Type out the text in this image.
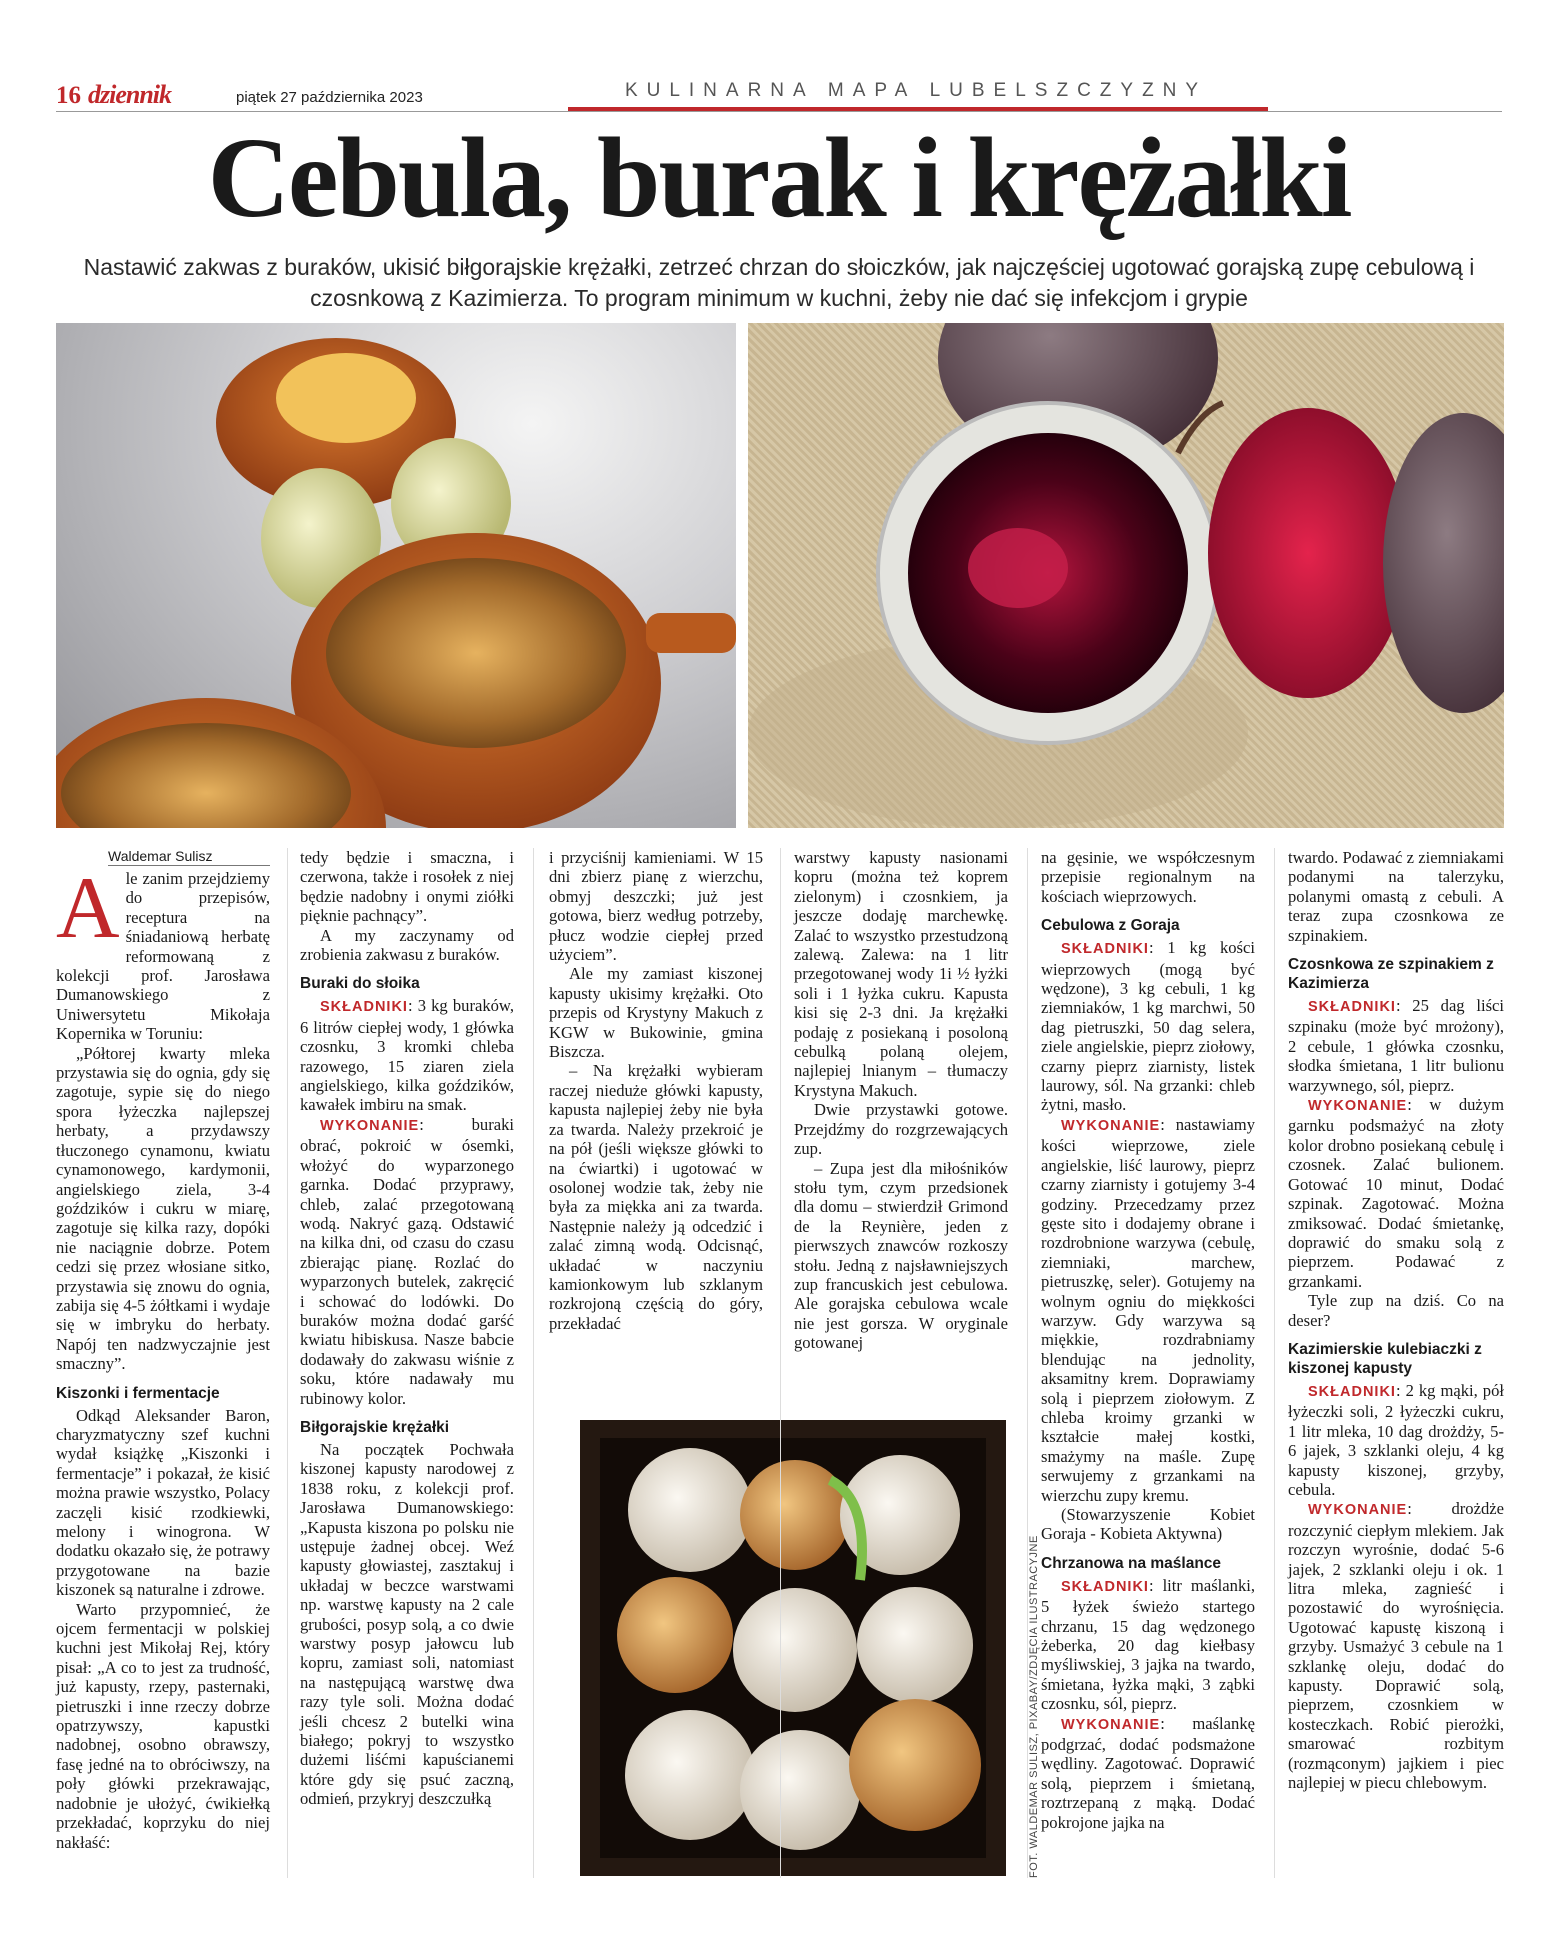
16 dziennik	piątek 27 października 2023	KULINARNA MAPA LUBELSZCZYZNY
Cebula, burak i krężałki

Nastawić zakwas z buraków, ukisić biłgorajskie krężałki, zetrzeć chrzan do słoiczków, jak najczęściej ugotować gorajską zupę cebulową i czosnkową z Kazimierza. To program minimum w kuchni, żeby nie dać się infekcjom i grypie

FOT. WALDEMAR SULISZ, PIXABAY/ZDJĘCIA ILUSTRACYJNE
Waldemar Sulisz

Ale zanim przejdziemy do przepisów, receptura na śniadaniową herbatę reformowaną z kolekcji prof. Jarosława Dumanowskiego z Uniwersytetu Mikołaja Kopernika w Toruniu:

„Półtorej kwarty mleka przystawia się do ognia, gdy się zagotuje, sypie się do niego spora łyżeczka najlepszej herbaty, a przydawszy tłuczonego cynamonu, kwiatu cynamonowego, kardymonii, angielskiego ziela, 3-4 goździków i cukru w miarę, zagotuje się kilka razy, dopóki nie naciągnie dobrze. Potem cedzi się przez włosiane sitko, przystawia się znowu do ognia, zabija się 4-5 żółtkami i wydaje się w imbryku do herbaty. Napój ten nadzwyczajnie jest smaczny”.

Kiszonki i fermentacje

Odkąd Aleksander Baron, charyzmatyczny szef kuchni wydał książkę „Kiszonki i fermentacje” i pokazał, że kisić można prawie wszystko, Polacy zaczęli kisić rzodkiewki, melony i winogrona. W dodatku okazało się, że potrawy przygotowane na bazie kiszonek są naturalne i zdrowe.

Warto przypomnieć, że ojcem fermentacji w polskiej kuchni jest Mikołaj Rej, który pisał: „A co to jest za trudność, już kapusty, rzepy, pasternaki, pietruszki i inne rzeczy dobrze opatrzywszy, kapustki nadobnej, osobno obrawszy, fasę jedné na to obróciwszy, na poły główki przekrawając, nadobnie je ułożyć, ćwikiełką przekładać, koprzyku do niej nakłaść:

tedy będzie i smaczna, i czerwona, także i rosołek z niej będzie nadobny i onymi ziółki pięknie pachnący”.

A my zaczynamy od zrobienia zakwasu z buraków.

Buraki do słoika

SKŁADNIKI: 3 kg buraków, 6 litrów ciepłej wody, 1 główka czosnku, 3 kromki chleba razowego, 15 ziaren ziela angielskiego, kilka goździków, kawałek imbiru na smak.

WYKONANIE: buraki obrać, pokroić w ósemki, włożyć do wyparzonego garnka. Dodać przyprawy, chleb, zalać przegotowaną wodą. Nakryć gazą. Odstawić na kilka dni, od czasu do czasu zbierając pianę. Rozlać do wyparzonych butelek, zakręcić i schować do lodówki. Do buraków można dodać garść kwiatu hibiskusa. Nasze babcie dodawały do zakwasu wiśnie z soku, które nadawały mu rubinowy kolor.

Biłgorajskie krężałki

Na początek Pochwała kiszonej kapusty narodowej z 1838 roku, z kolekcji prof. Jarosława Dumanowskiego: „Kapusta kiszona po polsku nie ustępuje żadnej obcej. Weź kapusty głowiastej, zasztakuj i układaj w beczce warstwami np. warstwę kapusty na 2 cale grubości, posyp solą, a co dwie warstwy posyp jałowcu lub kopru, zamiast soli, natomiast na następującą warstwę dwa razy tyle soli. Można dodać jeśli chcesz 2 butelki wina białego; pokryj to wszystko dużemi liśćmi kapuścianemi które gdy się psuć zaczną, odmień, przykryj deszczułką

i przyciśnij kamieniami. W 15 dni zbierz pianę z wierzchu, obmyj deszczki; już jest gotowa, bierz według potrzeby, płucz wodzie ciepłej przed użyciem”.

Ale my zamiast kiszonej kapusty ukisimy krężałki. Oto przepis od Krystyny Makuch z KGW w Bukowinie, gmina Biszcza.

– Na krężałki wybieram raczej nieduże główki kapusty, kapusta najlepiej żeby nie była za twarda. Należy przekroić je na pół (jeśli większe główki to na ćwiartki) i ugotować w osolonej wodzie tak, żeby nie była za miękka ani za twarda. Następnie należy ją odcedzić i zalać zimną wodą. Odcisnąć, układać w naczyniu kamionkowym lub szklanym rozkrojoną częścią do góry, przekładać

warstwy kapusty nasionami kopru (można też koprem zielonym) i czosnkiem, ja jeszcze dodaję marchewkę. Zalać to wszystko przestudzoną zalewą. Zalewa: na 1 litr przegotowanej wody 1i ½ łyżki soli i 1 łyżka cukru. Kapusta kisi się 2-3 dni. Ja krężałki podaję z posiekaną i posoloną cebulką polaną olejem, najlepiej lnianym – tłumaczy Krystyna Makuch.

Dwie przystawki gotowe. Przejdźmy do rozgrzewających zup.

– Zupa jest dla miłośników stołu tym, czym przedsionek dla domu – stwierdził Grimond de la Reynière, jeden z pierwszych znawców rozkoszy stołu. Jedną z najsławniejszych zup francuskich jest cebulowa. Ale gorajska cebulowa wcale nie jest gorsza. W oryginale gotowanej

na gęsinie, we współczesnym przepisie regionalnym na kościach wieprzowych.

Cebulowa z Goraja

SKŁADNIKI: 1 kg kości wieprzowych (mogą być wędzone), 3 kg cebuli, 1 kg ziemniaków, 1 kg marchwi, 50 dag pietruszki, 50 dag selera, ziele angielskie, pieprz ziołowy, czarny pieprz ziarnisty, listek laurowy, sól. Na grzanki: chleb żytni, masło.

WYKONANIE: nastawiamy kości wieprzowe, ziele angielskie, liść laurowy, pieprz czarny ziarnisty i gotujemy 3-4 godziny. Przecedzamy przez gęste sito i dodajemy obrane i rozdrobnione warzywa (cebulę, ziemniaki, marchew, pietruszkę, seler). Gotujemy na wolnym ogniu do miękkości warzyw. Gdy warzywa są miękkie, rozdrabniamy blendując na jednolity, aksamitny krem. Doprawiamy solą i pieprzem ziołowym. Z chleba kroimy grzanki w kształcie małej kostki, smażymy na maśle. Zupę serwujemy z grzankami na wierzchu zupy kremu.

(Stowarzyszenie Kobiet Goraja - Kobieta Aktywna)

Chrzanowa na maślance

SKŁADNIKI: litr maślanki, 5 łyżek świeżo startego chrzanu, 15 dag wędzonego żeberka, 20 dag kiełbasy myśliwskiej, 3 jajka na twardo, śmietana, łyżka mąki, 3 ząbki czosnku, sól, pieprz.

WYKONANIE: maślankę podgrzać, dodać podsmażone wędliny. Zagotować. Doprawić solą, pieprzem i śmietaną, roztrzepaną z mąką. Dodać pokrojone jajka na

twardo. Podawać z ziemniakami podanymi na talerzyku, polanymi omastą z cebuli. A teraz zupa czosnkowa ze szpinakiem.

Czosnkowa ze szpinakiem z Kazimierza

SKŁADNIKI: 25 dag liści szpinaku (może być mrożony), 2 cebule, 1 główka czosnku, słodka śmietana, 1 litr bulionu warzywnego, sól, pieprz.

WYKONANIE: w dużym garnku podsmażyć na złoty kolor drobno posiekaną cebulę i czosnek. Zalać bulionem. Gotować 10 minut, Dodać szpinak. Zagotować. Można zmiksować. Dodać śmietankę, doprawić do smaku solą z pieprzem. Podawać z grzankami.

Tyle zup na dziś. Co na deser?

Kazimierskie kulebiaczki z kiszonej kapusty

SKŁADNIKI: 2 kg mąki, pół łyżeczki soli, 2 łyżeczki cukru, 1 litr mleka, 10 dag drożdży, 5-6 jajek, 3 szklanki oleju, 4 kg kapusty kiszonej, grzyby, cebula.

WYKONANIE: drożdże rozczynić ciepłym mlekiem. Jak rozczyn wyrośnie, dodać 5-6 jajek, 2 szklanki oleju i ok. 1 litra mleka, zagnieść i pozostawić do wyrośnięcia. Ugotować kapustę kiszoną i grzyby. Usmażyć 3 cebule na 1 szklankę oleju, dodać do kapusty. Doprawić solą, pieprzem, czosnkiem w kosteczkach. Robić pierożki, smarować rozbitym (rozmąconym) jajkiem i piec najlepiej w piecu chlebowym.
